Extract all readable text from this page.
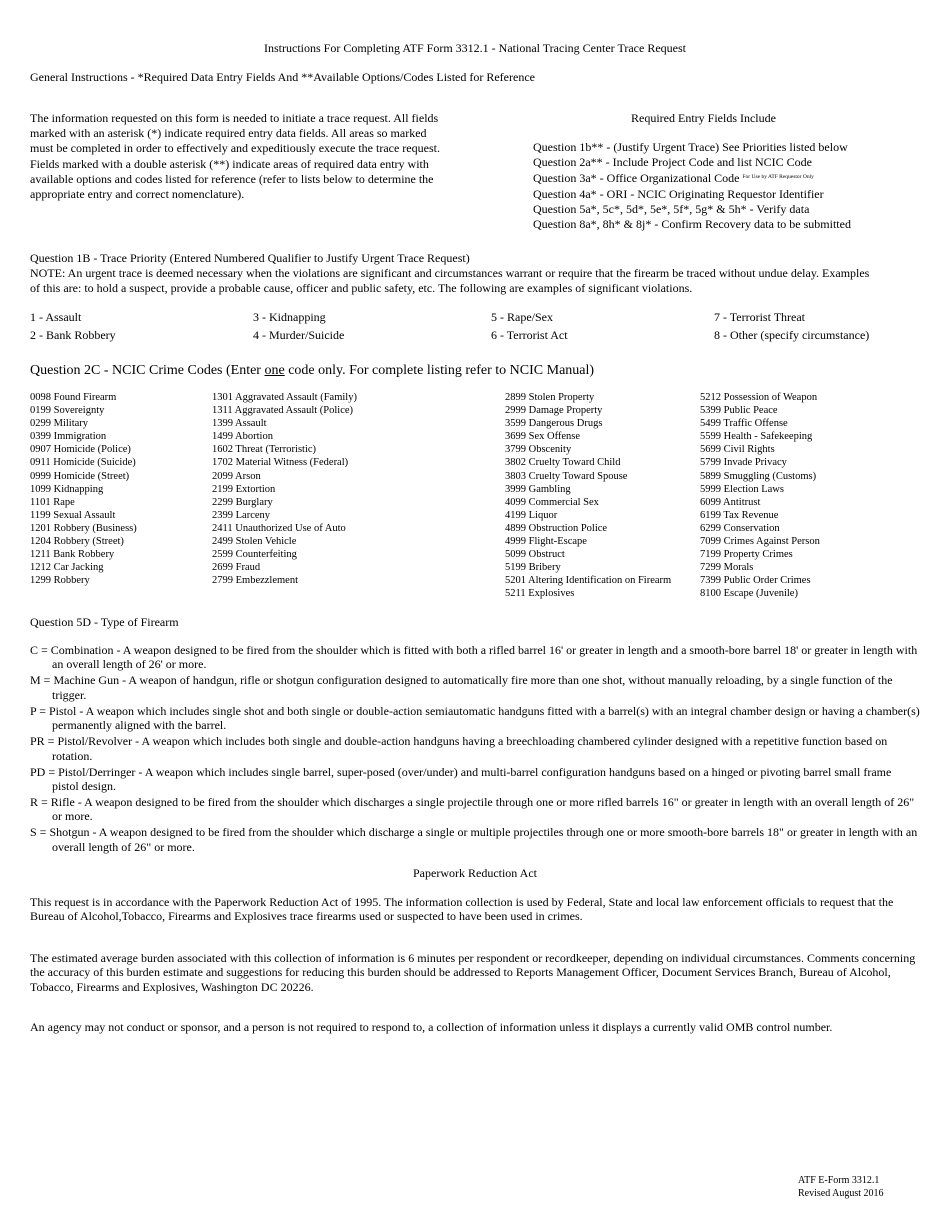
Instructions For Completing ATF Form 3312.1 - National Tracing Center Trace Request
General Instructions - *Required Data Entry Fields And **Available Options/Codes Listed for Reference
The information requested on this form is needed to initiate a trace request. All fields
marked with an asterisk (*) indicate required entry data fields. All areas so marked
must be completed in order to effectively and expeditiously execute the trace request.
Fields marked with a double asterisk (**) indicate areas of required data entry with
available options and codes listed for reference (refer to lists below to determine the
appropriate entry and correct nomenclature).
Required Entry Fields Include
Question 1b** - (Justify Urgent Trace) See Priorities listed below
Question 2a** - Include Project Code and list NCIC Code
Question 3a* - Office Organizational Code $^{For Use by ATF Requestor Only}$
Question 4a* - ORI - NCIC Originating Requestor Identifier
Question 5a*, 5c*, 5d*, 5e*, 5f*, 5g* & 5h* - Verify data
Question 8a*, 8h* & 8j* - Confirm Recovery data to be submitted
Question 1B - Trace Priority (Entered Numbered Qualifier to Justify Urgent Trace Request)
NOTE: An urgent trace is deemed necessary when the violations are significant and circumstances warrant or require that the firearm be traced without undue delay. Examples
of this are: to hold a suspect, provide a probable cause, officer and public safety, etc. The following are examples of significant violations.
1 - Assault
2 - Bank Robbery
3 - Kidnapping
4 - Murder/Suicide
5 - Rape/Sex
6 - Terrorist Act
7 - Terrorist Threat
8 - Other (specify circumstance)
Question 2C - NCIC Crime Codes (Enter one code only. For complete listing refer to NCIC Manual)
0098 Found Firearm
0199 Sovereignty
0299 Military
0399 Immigration
0907 Homicide (Police)
0911 Homicide (Suicide)
0999 Homicide (Street)
1099 Kidnapping
1101 Rape
1199 Sexual Assault
1201 Robbery (Business)
1204 Robbery (Street)
1211 Bank Robbery
1212 Car Jacking
1299 Robbery
1301 Aggravated Assault (Family)
1311 Aggravated Assault (Police)
1399 Assault
1499 Abortion
1602 Threat (Terroristic)
1702 Material Witness (Federal)
2099 Arson
2199 Extortion
2299 Burglary
2399 Larceny
2411 Unauthorized Use of Auto
2499 Stolen Vehicle
2599 Counterfeiting
2699 Fraud
2799 Embezzlement
2899 Stolen Property
2999 Damage Property
3599 Dangerous Drugs
3699 Sex Offense
3799 Obscenity
3802 Cruelty Toward Child
3803 Cruelty Toward Spouse
3999 Gambling
4099 Commercial Sex
4199 Liquor
4899 Obstruction Police
4999 Flight-Escape
5099 Obstruct
5199 Bribery
5201 Altering Identification on Firearm
5211 Explosives
5212 Possession of Weapon
5399 Public Peace
5499 Traffic Offense
5599 Health - Safekeeping
5699 Civil Rights
5799 Invade Privacy
5899 Smuggling (Customs)
5999 Election Laws
6099 Antitrust
6199 Tax Revenue
6299 Conservation
7099 Crimes Against Person
7199 Property Crimes
7299 Morals
7399 Public Order Crimes
8100 Escape (Juvenile)
Question 5D - Type of Firearm
C = Combination - A weapon designed to be fired from the shoulder which is fitted with both a rifled barrel 16' or greater in length and a smooth-bore barrel 18' or greater in length with an overall length of 26' or more.
M = Machine Gun - A weapon of handgun, rifle or shotgun configuration designed to automatically fire more than one shot, without manually reloading, by a single function of the trigger.
P = Pistol - A weapon which includes single shot and both single or double-action semiautomatic handguns fitted with a barrel(s) with an integral chamber design or having a chamber(s) permanently aligned with the barrel.
PR = Pistol/Revolver - A weapon which includes both single and double-action handguns having a breechloading chambered cylinder designed with a repetitive function based on rotation.
PD = Pistol/Derringer - A weapon which includes single barrel, super-posed (over/under) and multi-barrel configuration handguns based on a hinged or pivoting barrel small frame pistol design.
R = Rifle - A weapon designed to be fired from the shoulder which discharges a single projectile through one or more rifled barrels 16" or greater in length with an overall length of 26" or more.
S = Shotgun - A weapon designed to be fired from the shoulder which discharge a single or multiple projectiles through one or more smooth-bore barrels 18" or greater in length with an overall length of 26" or more.
Paperwork Reduction Act
This request is in accordance with the Paperwork Reduction Act of 1995. The information collection is used by Federal, State and local law enforcement officials to request that the Bureau of Alcohol,Tobacco, Firearms and Explosives trace firearms used or suspected to have been used in crimes.
The estimated average burden associated with this collection of information is 6 minutes per respondent or recordkeeper, depending on individual circumstances. Comments concerning the accuracy of this burden estimate and suggestions for reducing this burden should be addressed to Reports Management Officer, Document Services Branch, Bureau of Alcohol, Tobacco, Firearms and Explosives, Washington DC 20226.
An agency may not conduct or sponsor, and a person is not required to respond to, a collection of information unless it displays a currently valid OMB control number.
ATF E-Form 3312.1
Revised August 2016
